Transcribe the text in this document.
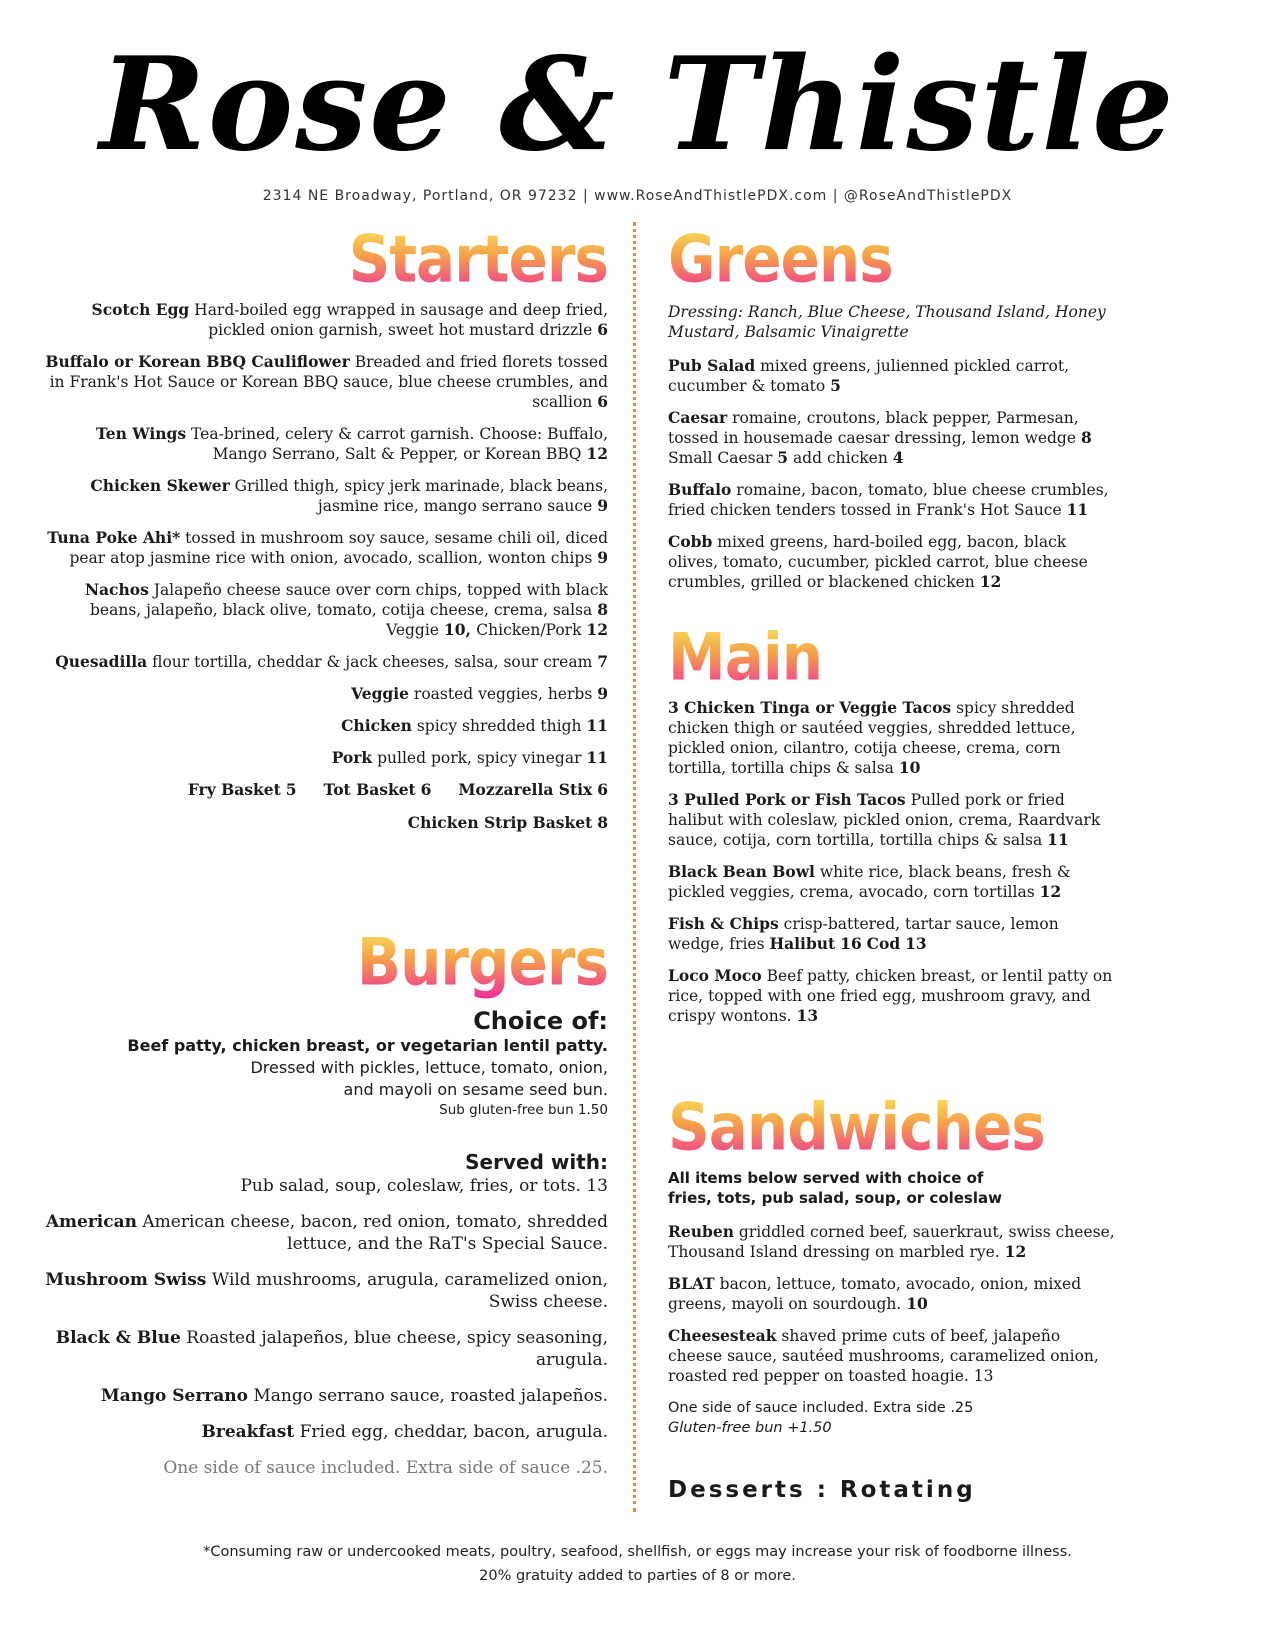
Rose & Thistle
2314 NE Broadway, Portland, OR 97232 | www.RoseAndThistlePDX.com | @RoseAndThistlePDX
Starters
Scotch Egg Hard-boiled egg wrapped in sausage and deep fried, pickled onion garnish, sweet hot mustard drizzle 6
Buffalo or Korean BBQ Cauliflower Breaded and fried florets tossed in Frank's Hot Sauce or Korean BBQ sauce, blue cheese crumbles, and scallion 6
Ten Wings Tea-brined, celery & carrot garnish. Choose: Buffalo, Mango Serrano, Salt & Pepper, or Korean BBQ 12
Chicken Skewer Grilled thigh, spicy jerk marinade, black beans, jasmine rice, mango serrano sauce 9
Tuna Poke Ahi* tossed in mushroom soy sauce, sesame chili oil, diced pear atop jasmine rice with onion, avocado, scallion, wonton chips 9
Nachos Jalapeño cheese sauce over corn chips, topped with black beans, jalapeño, black olive, tomato, cotija cheese, crema, salsa 8
Veggie 10, Chicken/Pork 12
Quesadilla flour tortilla, cheddar & jack cheeses, salsa, sour cream 7
Veggie roasted veggies, herbs 9
Chicken spicy shredded thigh 11
Pork pulled pork, spicy vinegar 11
Fry Basket 5 Tot Basket 6 Mozzarella Stix 6
Chicken Strip Basket 8
Burgers
Choice of:
Beef patty, chicken breast, or vegetarian lentil patty.
Dressed with pickles, lettuce, tomato, onion,
and mayoli on sesame seed bun.
Sub gluten-free bun 1.50
Served with:
Pub salad, soup, coleslaw, fries, or tots. 13
American American cheese, bacon, red onion, tomato, shredded lettuce, and the RaT's Special Sauce.
Mushroom Swiss Wild mushrooms, arugula, caramelized onion, Swiss cheese.
Black & Blue Roasted jalapeños, blue cheese, spicy seasoning, arugula.
Mango Serrano Mango serrano sauce, roasted jalapeños.
Breakfast Fried egg, cheddar, bacon, arugula.
One side of sauce included. Extra side of sauce .25.
Greens
Dressing: Ranch, Blue Cheese, Thousand Island, Honey Mustard, Balsamic Vinaigrette
Pub Salad mixed greens, julienned pickled carrot, cucumber & tomato 5
Caesar romaine, croutons, black pepper, Parmesan, tossed in housemade caesar dressing, lemon wedge 8
Small Caesar 5 add chicken 4
Buffalo romaine, bacon, tomato, blue cheese crumbles, fried chicken tenders tossed in Frank's Hot Sauce 11
Cobb mixed greens, hard-boiled egg, bacon, black olives, tomato, cucumber, pickled carrot, blue cheese crumbles, grilled or blackened chicken 12
Main
3 Chicken Tinga or Veggie Tacos spicy shredded chicken thigh or sautéed veggies, shredded lettuce, pickled onion, cilantro, cotija cheese, crema, corn tortilla, tortilla chips & salsa 10
3 Pulled Pork or Fish Tacos Pulled pork or fried halibut with coleslaw, pickled onion, crema, Raardvark sauce, cotija, corn tortilla, tortilla chips & salsa 11
Black Bean Bowl white rice, black beans, fresh & pickled veggies, crema, avocado, corn tortillas 12
Fish & Chips crisp-battered, tartar sauce, lemon wedge, fries Halibut 16 Cod 13
Loco Moco Beef patty, chicken breast, or lentil patty on rice, topped with one fried egg, mushroom gravy, and crispy wontons. 13
Sandwiches
All items below served with choice of
fries, tots, pub salad, soup, or coleslaw
Reuben griddled corned beef, sauerkraut, swiss cheese, Thousand Island dressing on marbled rye. 12
BLAT bacon, lettuce, tomato, avocado, onion, mixed greens, mayoli on sourdough. 10
Cheesesteak shaved prime cuts of beef, jalapeño cheese sauce, sautéed mushrooms, caramelized onion, roasted red pepper on toasted hoagie. 13
One side of sauce included. Extra side .25
Gluten-free bun +1.50
Desserts : Rotating
*Consuming raw or undercooked meats, poultry, seafood, shellfish, or eggs may increase your risk of foodborne illness.
20% gratuity added to parties of 8 or more.
